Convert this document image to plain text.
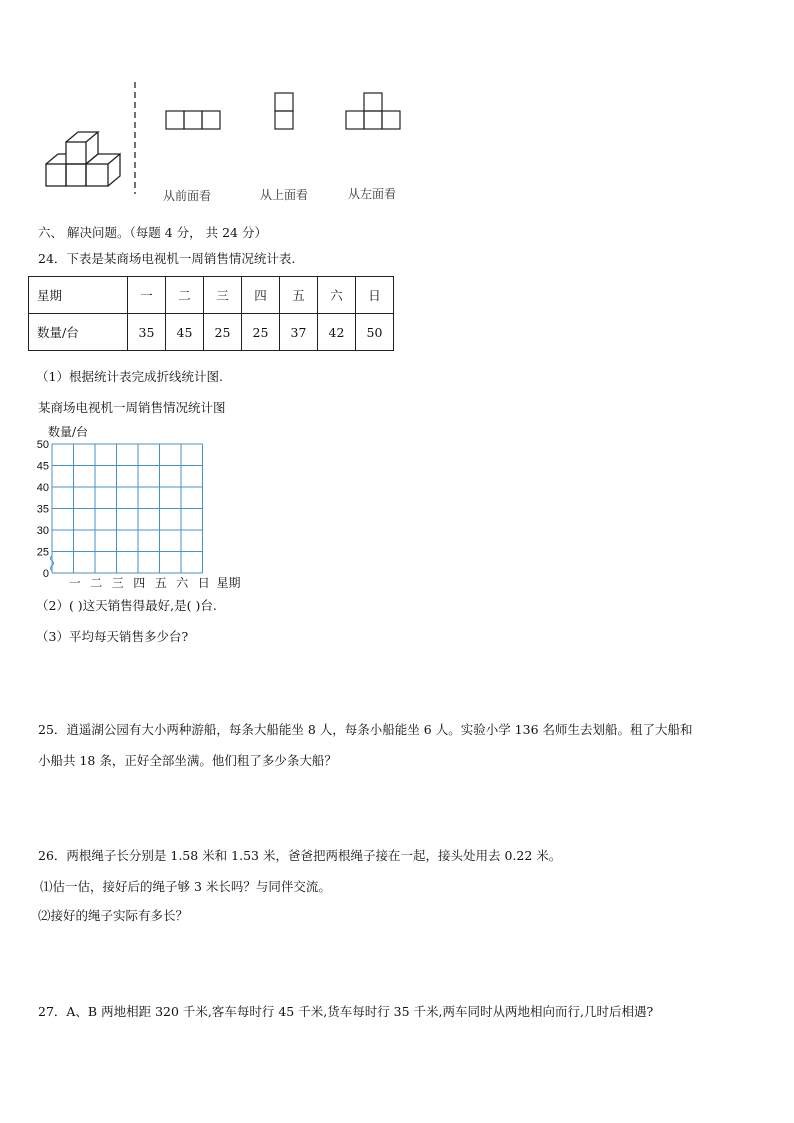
从前面看	从上面看	从左面看
六、 解决问题。（每题 4 分， 共 24 分）
24．下表是某商场电视机一周销售情况统计表.
星期	一	二	三	四	五	六	日
数量/台	35	45	25	25	37	42	50
（1）根据统计表完成折线统计图.
某商场电视机一周销售情况统计图
0
25
30
35
40
45
50
数量/台
一 二 三 四 五 六 日 星期
（2）( )这天销售得最好,是( )台.
（3）平均每天销售多少台?
25．逍遥湖公园有大小两种游船，每条大船能坐 8 人，每条小船能坐 6 人。实验小学 136 名师生去划船。租了大船和
小船共 18 条，正好全部坐满。他们租了多少条大船？
26．两根绳子长分别是 1.58 米和 1.53 米，爸爸把两根绳子接在一起，接头处用去 0.22 米。
⑴估一估，接好后的绳子够 3 米长吗？与同伴交流。
⑵接好的绳子实际有多长？
27．A、B 两地相距 320 千米,客车每时行 45 千米,货车每时行 35 千米,两车同时从两地相向而行,几时后相遇?
